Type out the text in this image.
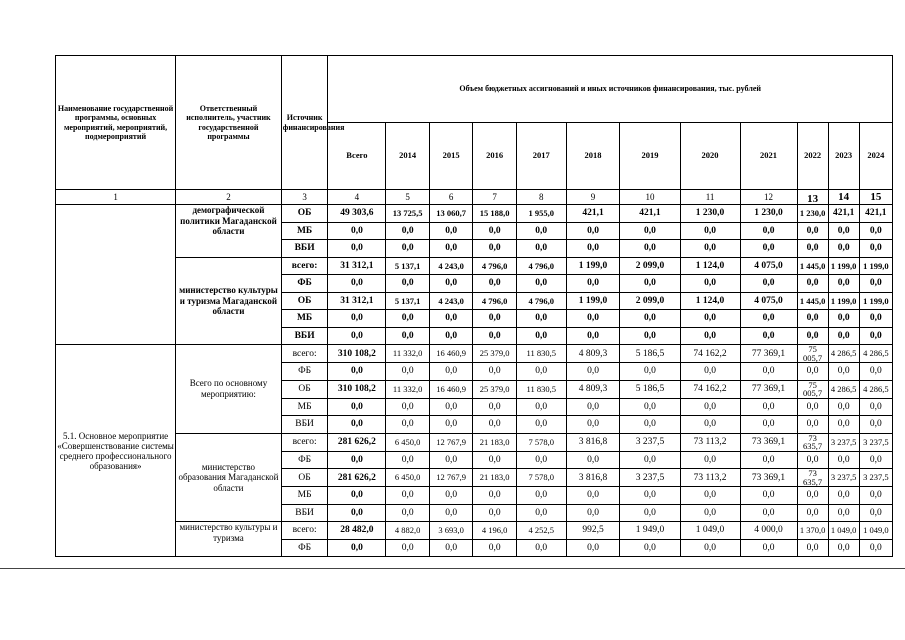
Наименование государственной программы, основных мероприятий, мероприятий, подмероприятий	Ответственный исполнитель, участник государственной программы	Источник финансирования	Объем бюджетных ассигнований и иных источников финансирования, тыс. рублей											
			Всего	2014	2015	2016	2017	2018	2019	2020	2021	2022	2023	2024
1	2	3	4	5	6	7	8	9	10	11	12	13	14	15
	демографической политики Магаданской области	ОБ	49 303,6	13 725,5	13 060,7	15 188,0	1 955,0	421,1	421,1	1 230,0	1 230,0	1 230,0	421,1	421,1
		МБ	0,0	0,0	0,0	0,0	0,0	0,0	0,0	0,0	0,0	0,0	0,0	0,0
		ВБИ	0,0	0,0	0,0	0,0	0,0	0,0	0,0	0,0	0,0	0,0	0,0	0,0
	министерство культуры и туризма Магаданской области	всего:	31 312,1	5 137,1	4 243,0	4 796,0	4 796,0	1 199,0	2 099,0	1 124,0	4 075,0	1 445,0	1 199,0	1 199,0
		ФБ	0,0	0,0	0,0	0,0	0,0	0,0	0,0	0,0	0,0	0,0	0,0	0,0
		ОБ	31 312,1	5 137,1	4 243,0	4 796,0	4 796,0	1 199,0	2 099,0	1 124,0	4 075,0	1 445,0	1 199,0	1 199,0
		МБ	0,0	0,0	0,0	0,0	0,0	0,0	0,0	0,0	0,0	0,0	0,0	0,0
		ВБИ	0,0	0,0	0,0	0,0	0,0	0,0	0,0	0,0	0,0	0,0	0,0	0,0
5.1. Основное мероприятие «Совершенствование системы среднего профессионального образования»	Всего по основному мероприятию:	всего:	310 108,2	11 332,0	16 460,9	25 379,0	11 830,5	4 809,3	5 186,5	74 162,2	77 369,1	75 005,7	4 286,5	4 286,5
		ФБ	0,0	0,0	0,0	0,0	0,0	0,0	0,0	0,0	0,0	0,0	0,0	0,0
		ОБ	310 108,2	11 332,0	16 460,9	25 379,0	11 830,5	4 809,3	5 186,5	74 162,2	77 369,1	75 005,7	4 286,5	4 286,5
		МБ	0,0	0,0	0,0	0,0	0,0	0,0	0,0	0,0	0,0	0,0	0,0	0,0
		ВБИ	0,0	0,0	0,0	0,0	0,0	0,0	0,0	0,0	0,0	0,0	0,0	0,0
	министерство образования Магаданской области	всего:	281 626,2	6 450,0	12 767,9	21 183,0	7 578,0	3 816,8	3 237,5	73 113,2	73 369,1	73 635,7	3 237,5	3 237,5
		ФБ	0,0	0,0	0,0	0,0	0,0	0,0	0,0	0,0	0,0	0,0	0,0	0,0
		ОБ	281 626,2	6 450,0	12 767,9	21 183,0	7 578,0	3 816,8	3 237,5	73 113,2	73 369,1	73 635,7	3 237,5	3 237,5
		МБ	0,0	0,0	0,0	0,0	0,0	0,0	0,0	0,0	0,0	0,0	0,0	0,0
		ВБИ	0,0	0,0	0,0	0,0	0,0	0,0	0,0	0,0	0,0	0,0	0,0	0,0
	министерство культуры и туризма	всего:	28 482,0	4 882,0	3 693,0	4 196,0	4 252,5	992,5	1 949,0	1 049,0	4 000,0	1 370,0	1 049,0	1 049,0
		ФБ	0,0	0,0	0,0	0,0	0,0	0,0	0,0	0,0	0,0	0,0	0,0	0,0
